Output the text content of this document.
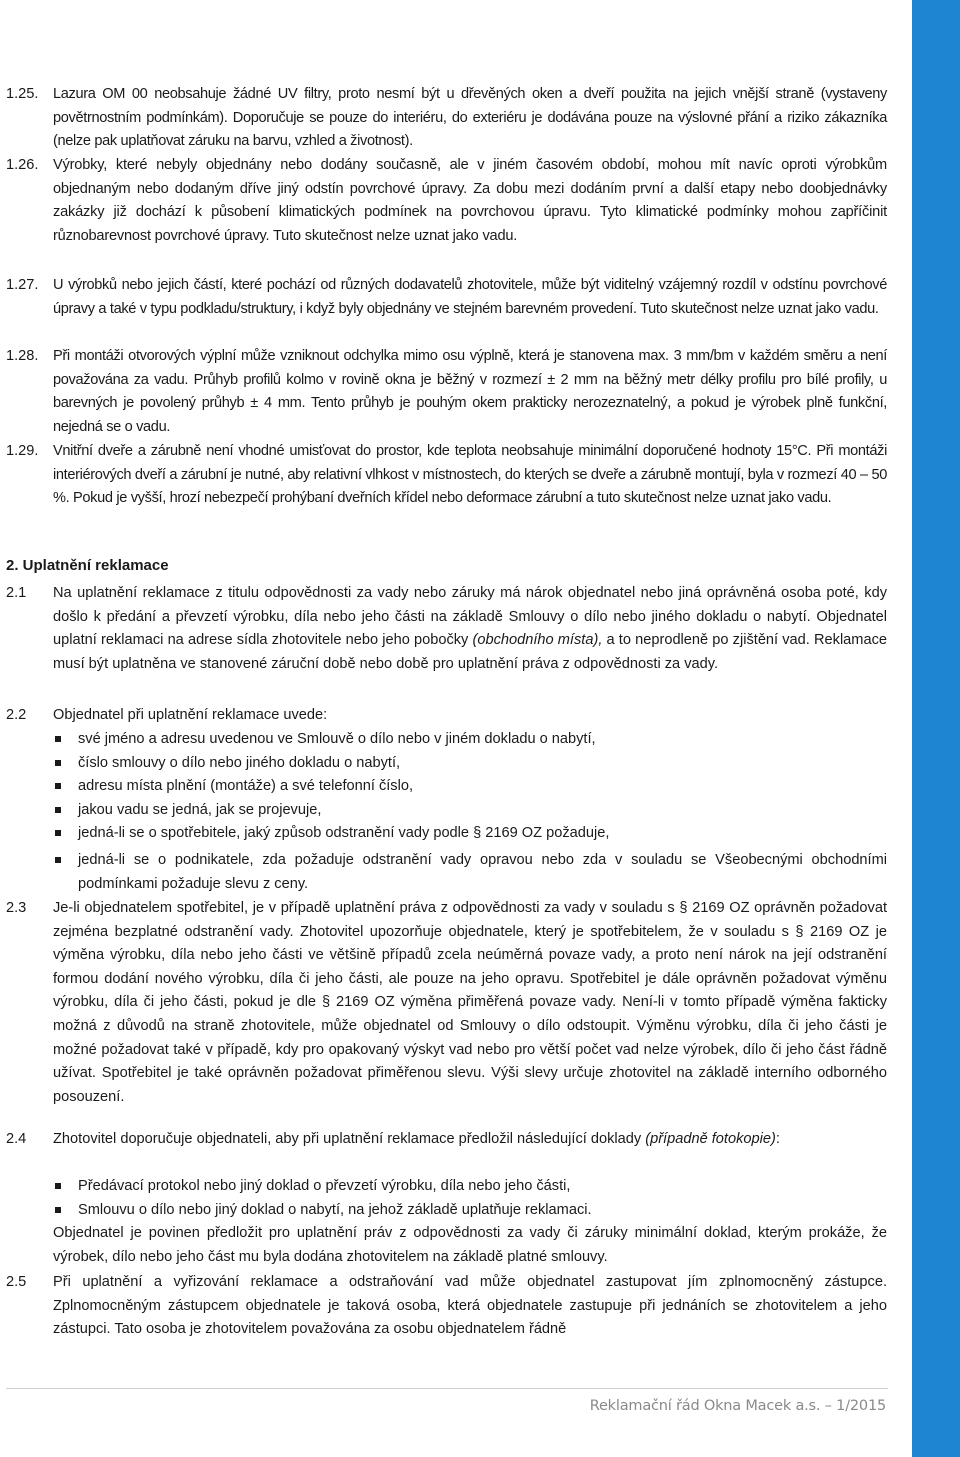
1.25. Lazura OM 00 neobsahuje žádné UV filtry, proto nesmí být u dřevěných oken a dveří použita na jejich vnější straně (vystaveny povětrnostním podmínkám). Doporučuje se pouze do interiéru, do exteriéru je dodávána pouze na výslovné přání a riziko zákazníka (nelze pak uplatňovat záruku na barvu, vzhled a životnost).

1.26. Výrobky, které nebyly objednány nebo dodány současně, ale v jiném časovém období, mohou mít navíc oproti výrobkům objednaným nebo dodaným dříve jiný odstín povrchové úpravy. Za dobu mezi dodáním první a další etapy nebo doobjednávky zakázky již dochází k působení klimatických podmínek na povrchovou úpravu. Tyto klimatické podmínky mohou zapříčinit různobarevnost povrchové úpravy. Tuto skutečnost nelze uznat jako vadu.

1.27. U výrobků nebo jejich částí, které pochází od různých dodavatelů zhotovitele, může být viditelný vzájemný rozdíl v odstínu povrchové úpravy a také v typu podkladu/struktury, i když byly objednány ve stejném barevném provedení. Tuto skutečnost nelze uznat jako vadu.

1.28. Při montáži otvorových výplní může vzniknout odchylka mimo osu výplně, která je stanovena max. 3 mm/bm v každém směru a není považována za vadu. Průhyb profilů kolmo v rovině okna je běžný v rozmezí ± 2 mm na běžný metr délky profilu pro bílé profily, u barevných je povolený průhyb ± 4 mm. Tento průhyb je pouhým okem prakticky nerozeznatelný, a pokud je výrobek plně funkční, nejedná se o vadu.

1.29. Vnitřní dveře a zárubně není vhodné umisťovat do prostor, kde teplota neobsahuje minimální doporučené hodnoty 15°C. Při montáži interiérových dveří a zárubní je nutné, aby relativní vlhkost v místnostech, do kterých se dveře a zárubně montují, byla v rozmezí 40 – 50 %. Pokud je vyšší, hrozí nebezpečí prohýbaní dveřních křídel nebo deformace zárubní a tuto skutečnost nelze uznat jako vadu.

2. Uplatnění reklamace
2.1 Na uplatnění reklamace z titulu odpovědnosti za vady nebo záruky má nárok objednatel nebo jiná oprávněná osoba poté, kdy došlo k předání a převzetí výrobku, díla nebo jeho části na základě Smlouvy o dílo nebo jiného dokladu o nabytí. Objednatel uplatní reklamaci na adrese sídla zhotovitele nebo jeho pobočky (obchodního místa), a to neprodleně po zjištění vad. Reklamace musí být uplatněna ve stanovené záruční době nebo době pro uplatnění práva z odpovědnosti za vady.

2.2 Objednatel při uplatnění reklamace uvede:

své jméno a adresu uvedenou ve Smlouvě o dílo nebo v jiném dokladu o nabytí,
číslo smlouvy o dílo nebo jiného dokladu o nabytí,
adresu místa plnění (montáže) a své telefonní číslo,
jakou vadu se jedná, jak se projevuje,
jedná-li se o spotřebitele, jaký způsob odstranění vady podle § 2169 OZ požaduje,
jedná-li se o podnikatele, zda požaduje odstranění vady opravou nebo zda v souladu se Všeobecnými obchodními podmínkami požaduje slevu z ceny.
2.3 Je-li objednatelem spotřebitel, je v případě uplatnění práva z odpovědnosti za vady v souladu s § 2169 OZ oprávněn požadovat zejména bezplatné odstranění vady. Zhotovitel upozorňuje objednatele, který je spotřebitelem, že v souladu s § 2169 OZ je výměna výrobku, díla nebo jeho části ve většině případů zcela neúměrná povaze vady, a proto není nárok na její odstranění formou dodání nového výrobku, díla či jeho části, ale pouze na jeho opravu. Spotřebitel je dále oprávněn požadovat výměnu výrobku, díla či jeho části, pokud je dle § 2169 OZ výměna přiměřená povaze vady. Není-li v tomto případě výměna fakticky možná z důvodů na straně zhotovitele, může objednatel od Smlouvy o dílo odstoupit. Výměnu výrobku, díla či jeho části je možné požadovat také v případě, kdy pro opakovaný výskyt vad nebo pro větší počet vad nelze výrobek, dílo či jeho část řádně užívat. Spotřebitel je také oprávněn požadovat přiměřenou slevu. Výši slevy určuje zhotovitel na základě interního odborného posouzení.

2.4 Zhotovitel doporučuje objednateli, aby při uplatnění reklamace předložil následující doklady (případně fotokopie):

Předávací protokol nebo jiný doklad o převzetí výrobku, díla nebo jeho části,
Smlouvu o dílo nebo jiný doklad o nabytí, na jehož základě uplatňuje reklamaci.

Objednatel je povinen předložit pro uplatnění práv z odpovědnosti za vady či záruky minimální doklad, kterým prokáže, že výrobek, dílo nebo jeho část mu byla dodána zhotovitelem na základě platné smlouvy.

2.5 Při uplatnění a vyřizování reklamace a odstraňování vad může objednatel zastupovat jím zplnomocněný zástupce. Zplnomocněným zástupcem objednatele je taková osoba, která objednatele zastupuje při jednáních se zhotovitelem a jeho zástupci. Tato osoba je zhotovitelem považována za osobu objednatelem řádně

Reklamační řád Okna Macek a.s. – 1/2015
